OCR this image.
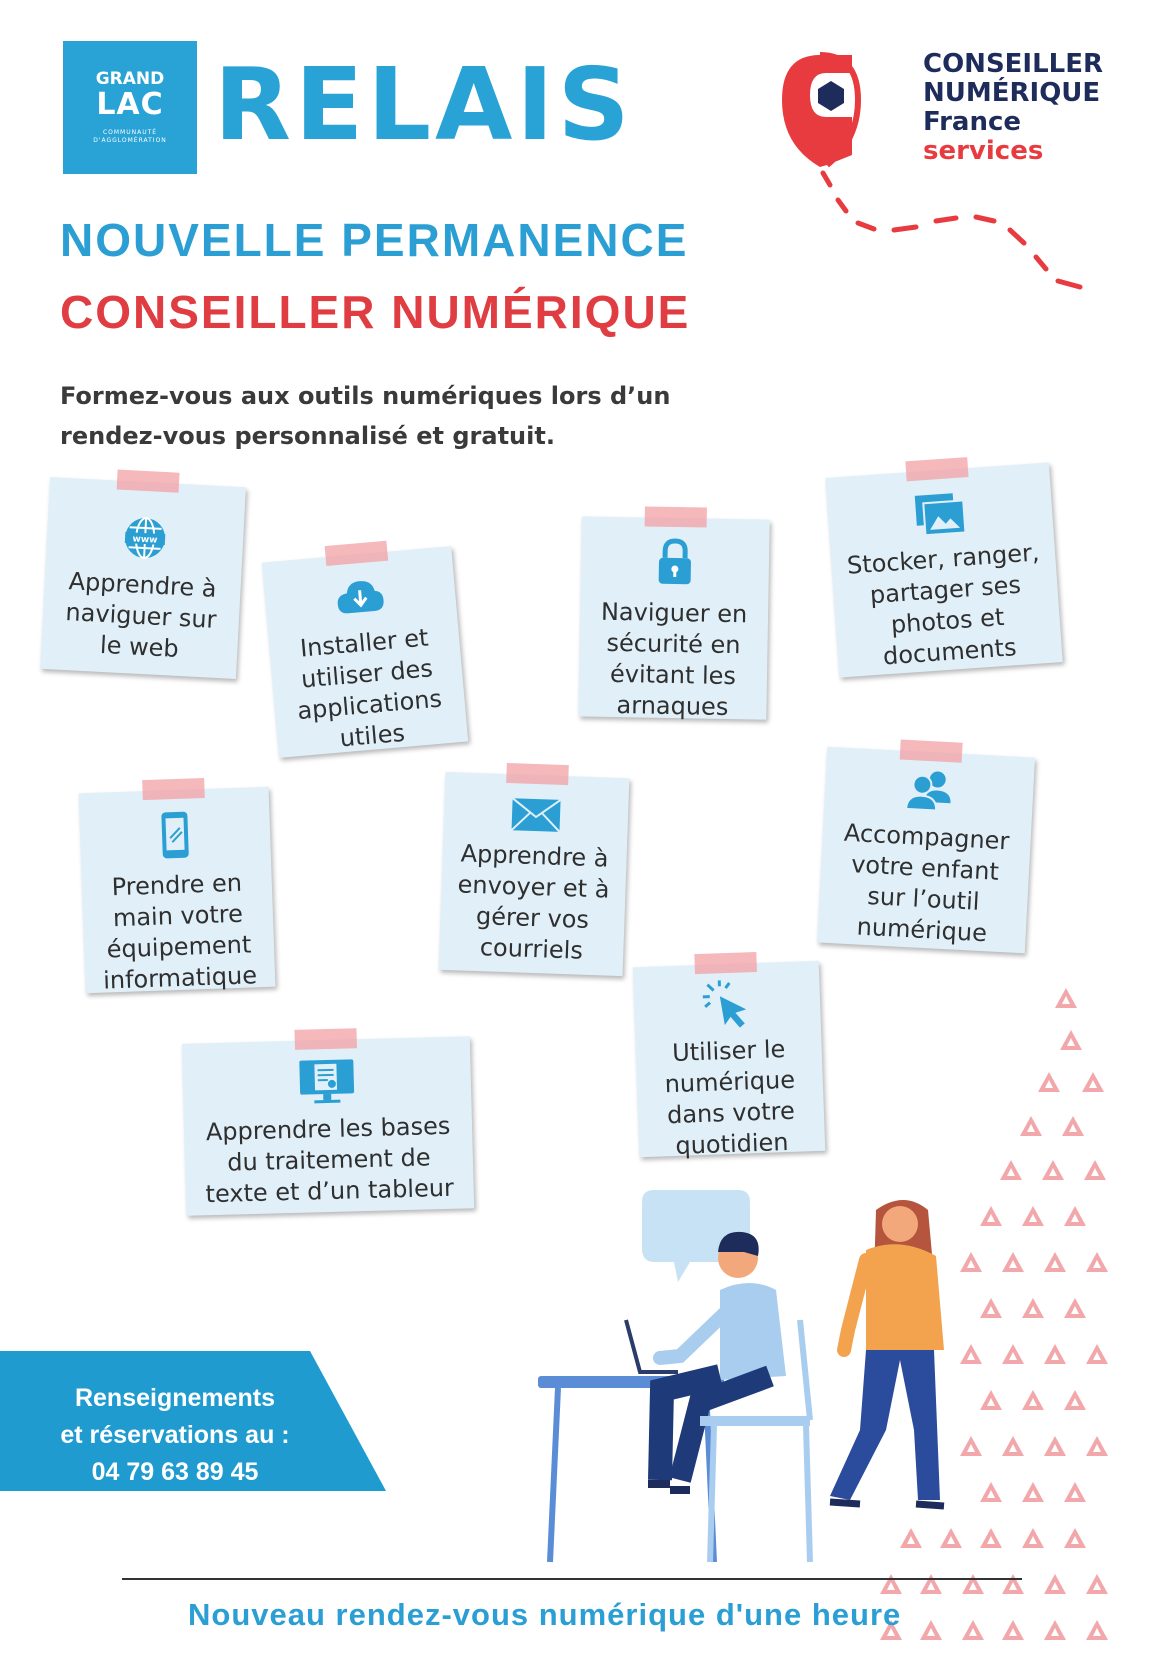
GRAND
LAC
COMMUNAUTÉ
D'AGGLOMÉRATION RELAIS	CONSEILLER
NUMÉRIQUE
France
services
NOUVELLE PERMANENCE
CONSEILLER NUMÉRIQUE
Formez-vous aux outils numériques lors d’un rendez-vous personnalisé et gratuit.
www
Apprendre à naviguer sur le web	Installer et utiliser des applications utiles
Naviguer en sécurité en évitant les arnaques
Stocker, ranger, partager ses photos et documents
Prendre en main votre équipement informatique
Apprendre à envoyer et à gérer vos courriels
Accompagner votre enfant sur l’outil numérique
Utiliser le numérique dans votre quotidien
Apprendre les bases du traitement de texte et d’un tableur
Renseignements
et réservations au :
04 79 63 89 45
Nouveau rendez-vous numérique d'une heure
